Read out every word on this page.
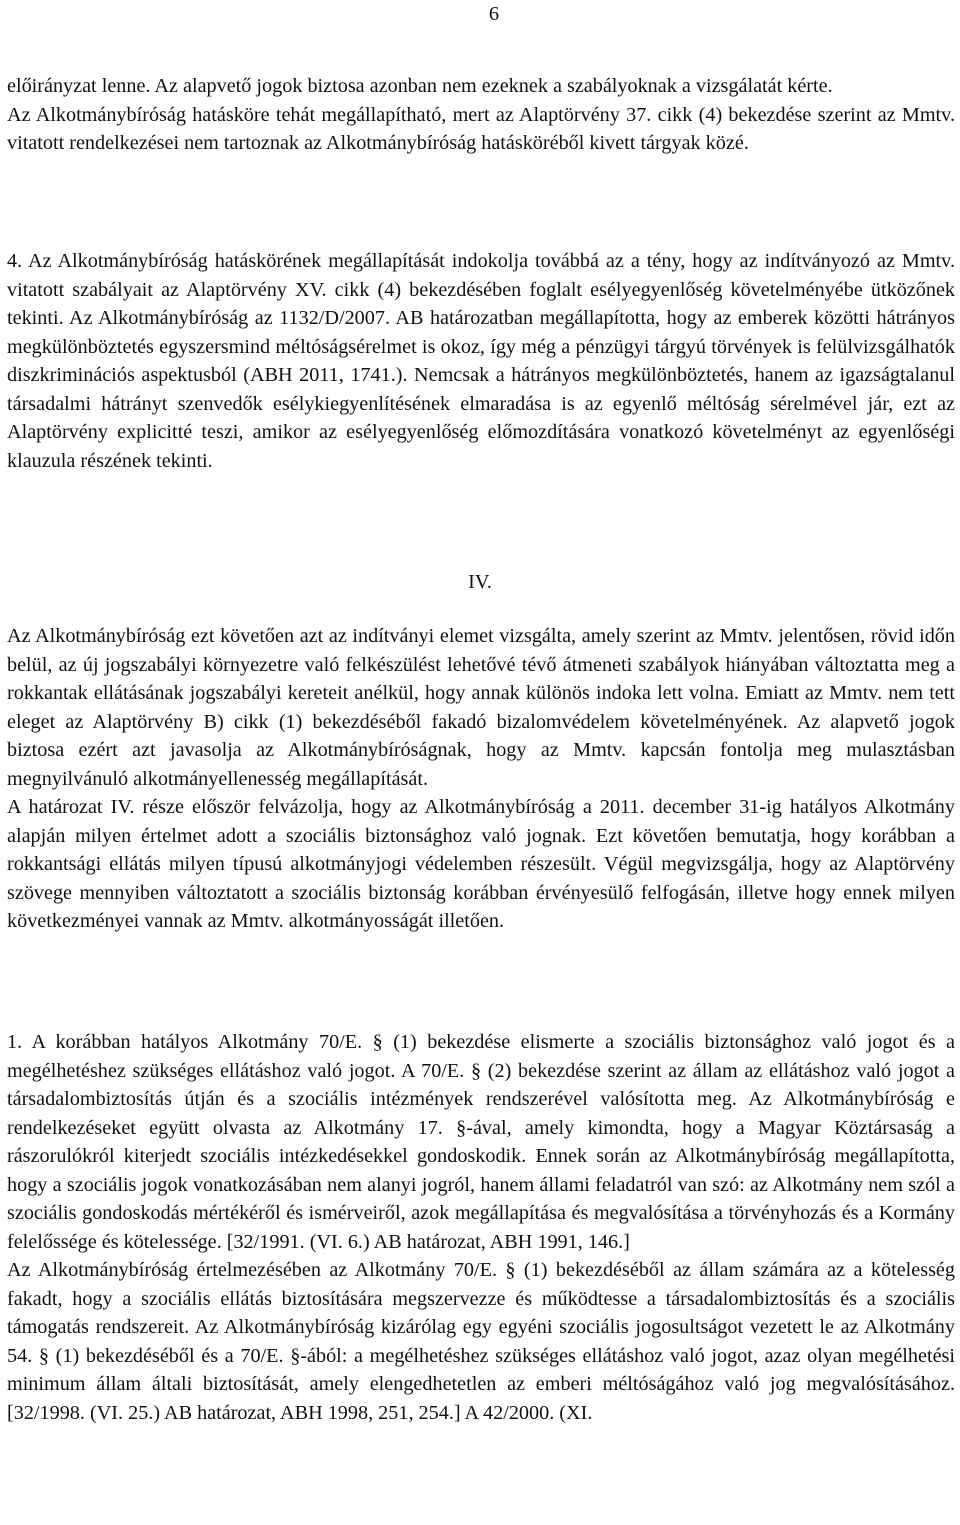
6

előirányzat lenne. Az alapvető jogok biztosa azonban nem ezeknek a szabályoknak a vizsgálatát kérte.

Az Alkotmánybíróság hatásköre tehát megállapítható, mert az Alaptörvény 37. cikk (4) bekezdése szerint az Mmtv. vitatott rendelkezései nem tartoznak az Alkotmánybíróság hatásköréből kivett tárgyak közé.

4. Az Alkotmánybíróság hatáskörének megállapítását indokolja továbbá az a tény, hogy az indítványozó az Mmtv. vitatott szabályait az Alaptörvény XV. cikk (4) bekezdésében foglalt esélyegyenlőség követelményébe ütközőnek tekinti. Az Alkotmánybíróság az 1132/D/2007. AB határozatban megállapította, hogy az emberek közötti hátrányos megkülönböztetés egyszersmind méltóságsérelmet is okoz, így még a pénzügyi tárgyú törvények is felülvizsgálhatók diszkriminációs aspektusból (ABH 2011, 1741.). Nemcsak a hátrányos megkülönböztetés, hanem az igazságtalanul társadalmi hátrányt szenvedők esélykiegyenlítésének elmaradása is az egyenlő méltóság sérelmével jár, ezt az Alaptörvény explicitté teszi, amikor az esélyegyenlőség előmozdítására vonatkozó követelményt az egyenlőségi klauzula részének tekinti.

IV.

Az Alkotmánybíróság ezt követően azt az indítványi elemet vizsgálta, amely szerint az Mmtv. jelentősen, rövid időn belül, az új jogszabályi környezetre való felkészülést lehetővé tévő átmeneti szabályok hiányában változtatta meg a rokkantak ellátásának jogszabályi kereteit anélkül, hogy annak különös indoka lett volna. Emiatt az Mmtv. nem tett eleget az Alaptörvény B) cikk (1) bekezdéséből fakadó bizalomvédelem követelményének. Az alapvető jogok biztosa ezért azt javasolja az Alkotmánybíróságnak, hogy az Mmtv. kapcsán fontolja meg mulasztásban megnyilvánuló alkotmányellenesség megállapítását.

A határozat IV. része először felvázolja, hogy az Alkotmánybíróság a 2011. december 31-ig hatályos Alkotmány alapján milyen értelmet adott a szociális biztonsághoz való jognak. Ezt követően bemutatja, hogy korábban a rokkantsági ellátás milyen típusú alkotmányjogi védelemben részesült. Végül megvizsgálja, hogy az Alaptörvény szövege mennyiben változtatott a szociális biztonság korábban érvényesülő felfogásán, illetve hogy ennek milyen következményei vannak az Mmtv. alkotmányosságát illetően.

1. A korábban hatályos Alkotmány 70/E. § (1) bekezdése elismerte a szociális biztonsághoz való jogot és a megélhetéshez szükséges ellátáshoz való jogot. A 70/E. § (2) bekezdése szerint az állam az ellátáshoz való jogot a társadalombiztosítás útján és a szociális intézmények rendszerével valósította meg. Az Alkotmánybíróság e rendelkezéseket együtt olvasta az Alkotmány 17. §-ával, amely kimondta, hogy a Magyar Köztársaság a rászorulókról kiterjedt szociális intézkedésekkel gondoskodik. Ennek során az Alkotmánybíróság megállapította, hogy a szociális jogok vonatkozásában nem alanyi jogról, hanem állami feladatról van szó: az Alkotmány nem szól a szociális gondoskodás mértékéről és ismérveiről, azok megállapítása és megvalósítása a törvényhozás és a Kormány felelőssége és kötelessége. [32/1991. (VI. 6.) AB határozat, ABH 1991, 146.]

Az Alkotmánybíróság értelmezésében az Alkotmány 70/E. § (1) bekezdéséből az állam számára az a kötelesség fakadt, hogy a szociális ellátás biztosítására megszervezze és működtesse a társadalombiztosítás és a szociális támogatás rendszereit. Az Alkotmánybíróság kizárólag egy egyéni szociális jogosultságot vezetett le az Alkotmány 54. § (1) bekezdéséből és a 70/E. §-ából: a megélhetéshez szükséges ellátáshoz való jogot, azaz olyan megélhetési minimum állam általi biztosítását, amely elengedhetetlen az emberi méltóságához való jog megvalósításához. [32/1998. (VI. 25.) AB határozat, ABH 1998, 251, 254.] A 42/2000. (XI.
